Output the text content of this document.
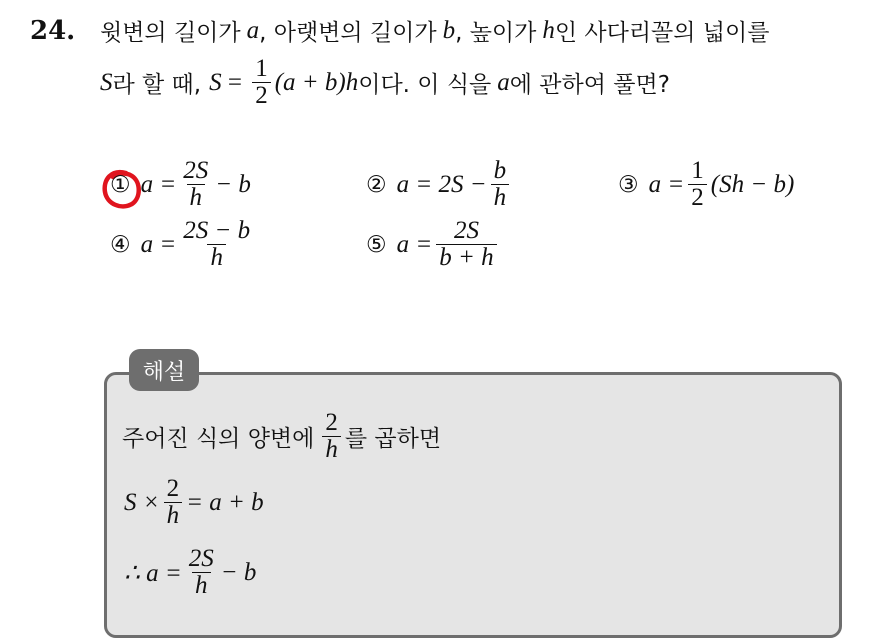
24. 윗변의 길이가 a , 아랫변의 길이가 b , 높이가 h 인 사다리꼴의 넓이를
S 라 할 때, $S = \frac{1}{2} (a + b)h$ 이다. 이 식을 a 에 관하여 풀면?
① $a = \frac{2S}{h} - b$	② $a = 2S - \frac{b}{h}$	③ $a = \frac{1}{2} (Sh - b)$
④ $a = \frac{2S - b}{h}$	⑤ $a = \frac{2S}{b + h}$
해설
주어진 식의 양변에 $\frac{2}{h}$ 를 곱하면
$S \times \frac{2}{h} = a + b$
∴ $a = \frac{2S}{h} - b$
